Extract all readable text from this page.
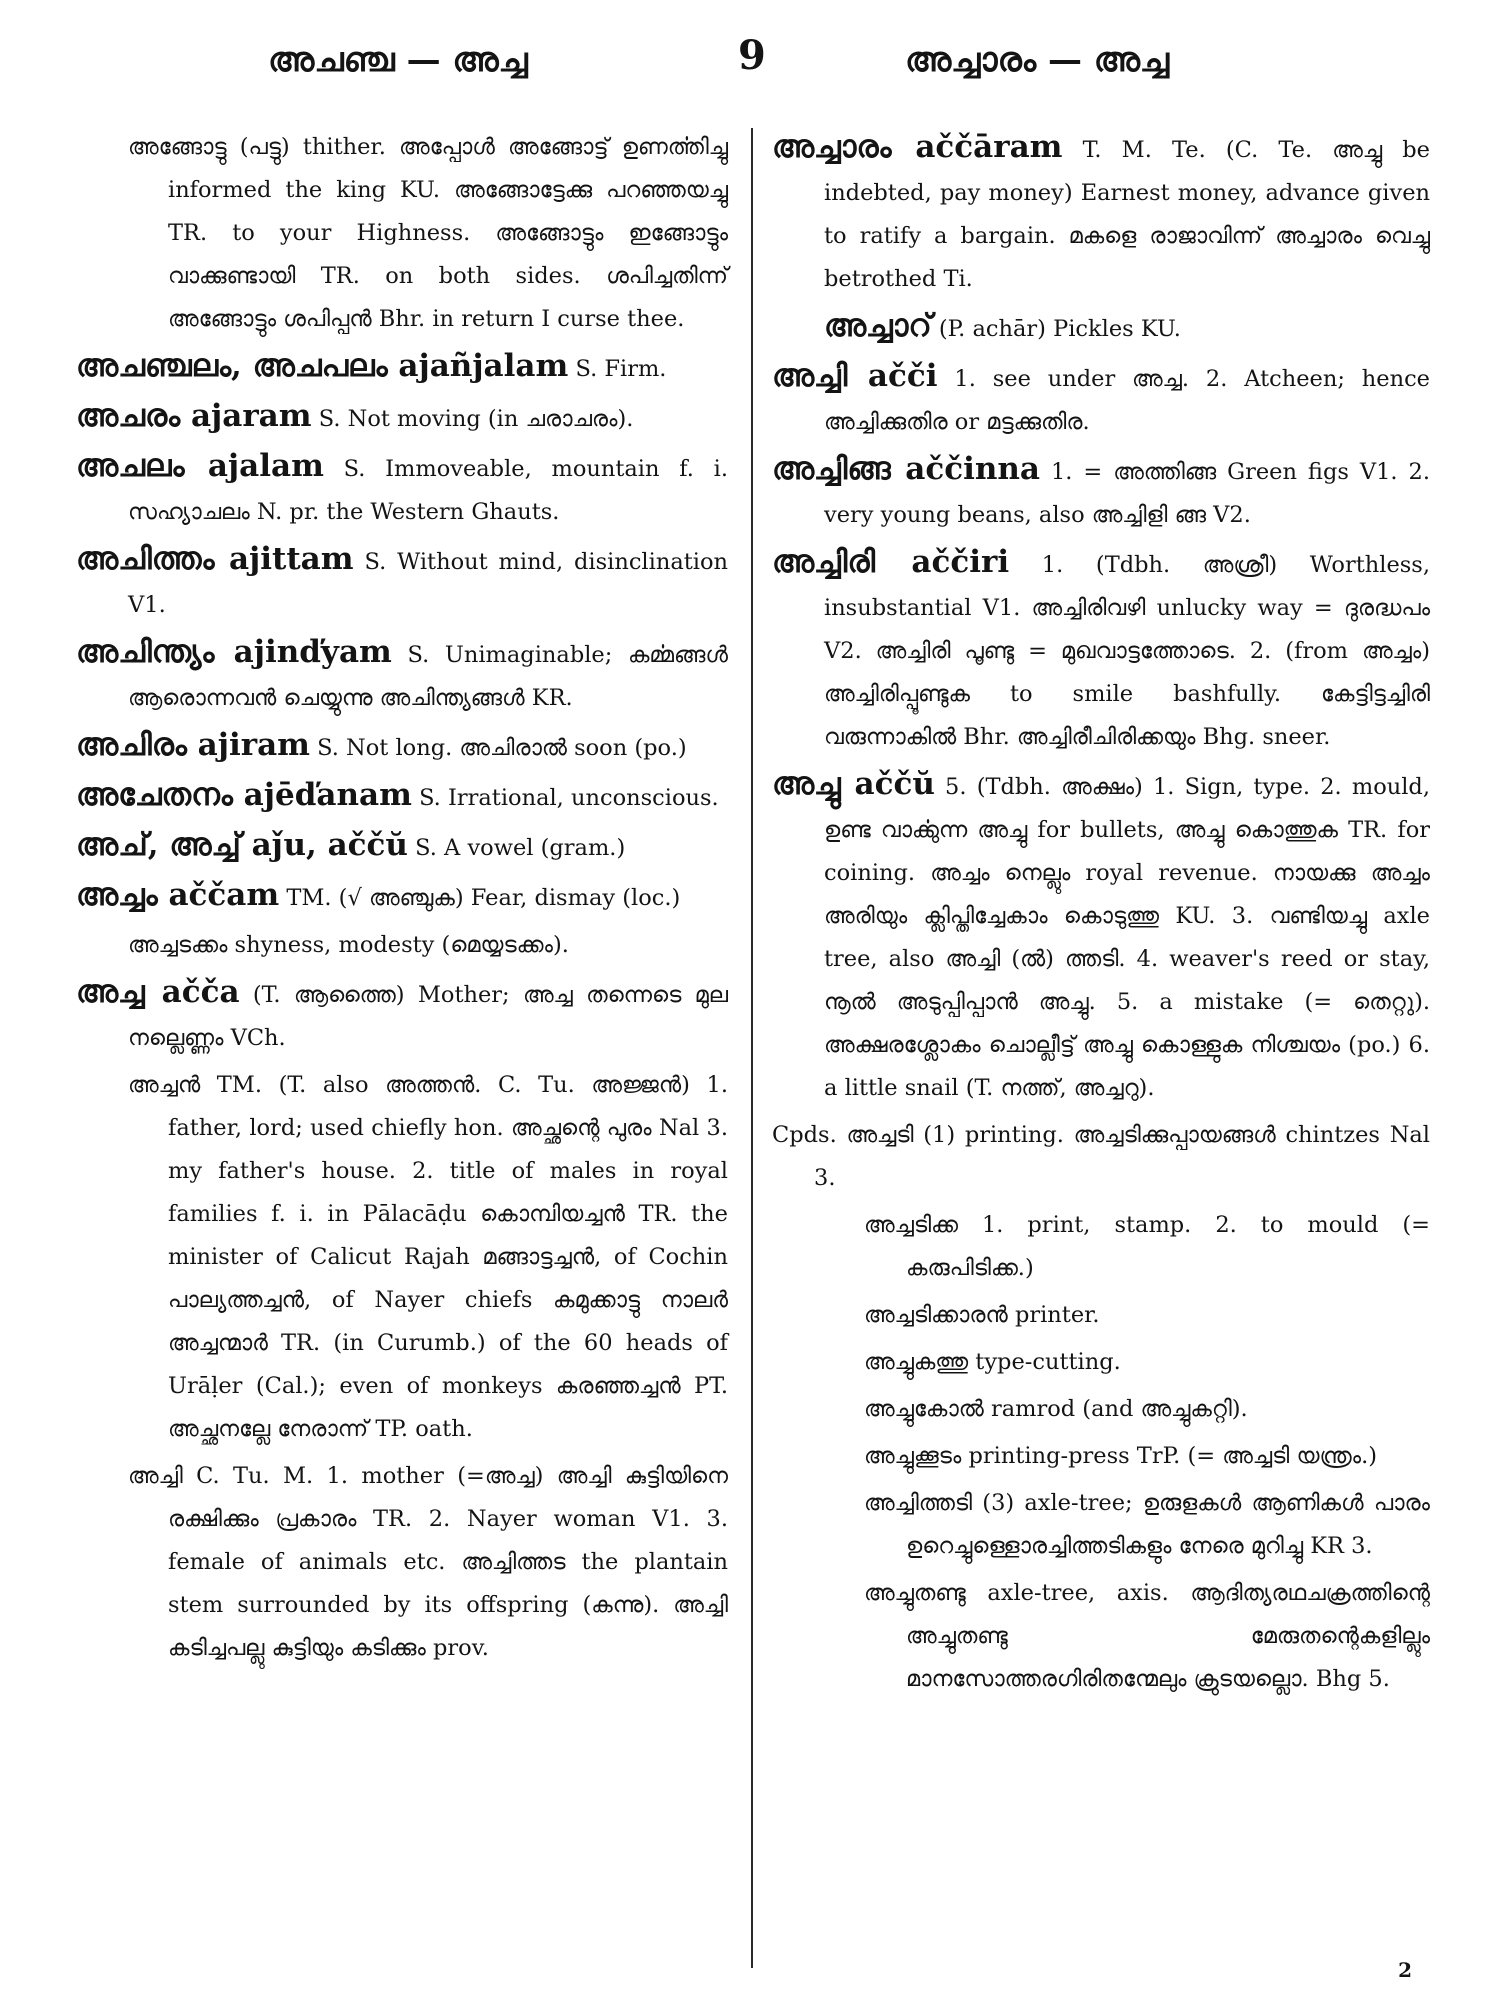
അചഞ്ച — അച്ച	9	അച്ചാരം — അച്ച

അങ്ങോട്ടു (പട്ടു) thither. അപ്പോൾ അങ്ങോട്ട് ഉണൎത്തിച്ചു informed the king KU. അങ്ങോട്ടേക്കു പറഞ്ഞയച്ചു TR. to your Highness. അങ്ങോട്ടും ഇങ്ങോട്ടും വാക്കുണ്ടായി TR. on both sides. ശപിച്ചതിന്ന് അങ്ങോട്ടും ശപിപ്പൻ Bhr. in return I curse thee.

അചഞ്ചലം, അചപലം ajañjalam S. Firm.

അചരം ajaram S. Not moving (in ചരാചരം).

അചലം ajalam S. Immoveable, mountain f. i. സഹ്യാചലം N. pr. the Western Ghauts.

അചിത്തം ajittam S. Without mind, disinclination V1.

അചിന്ത്യം ajinďyam S. Unimaginable; കൎമ്മങ്ങൾ ആരൊന്നവൻ ചെയ്യുന്നു അചിന്ത്യങ്ങൾ KR.

അചിരം ajiram S. Not long. അചിരാൽ soon (po.)

അചേതനം ajēďanam S. Irrational, unconscious.

അച്, അച്ച് aǰu, aččŭ S. A vowel (gram.)

അച്ചം aččam TM. (√ അഞ്ചുക) Fear, dismay (loc.)

അച്ചടക്കം shyness, modesty (മെയ്യടക്കം).

അച്ച ačča (T. ആത്തൈ) Mother; അച്ച തന്നെടെ മുല നല്ലെണ്ണം VCh.

അച്ചൻ TM. (T. also അത്തൻ. C. Tu. അജ്ജൻ) 1. father, lord; used chiefly hon. അച്ഛന്റെ പുരം Nal 3. my father's house. 2. title of males in royal families f. i. in Pālacāḍu കൊമ്പിയച്ചൻ TR. the minister of Calicut Rajah മങ്ങാട്ടച്ചൻ, of Cochin പാല്യത്തച്ചൻ, of Nayer chiefs കമുക്കാട്ടു നാലർ അച്ചന്മാർ TR. (in Curumb.) of the 60 heads of Urāḷer (Cal.); even of monkeys കരഞ്ഞച്ചൻ PT. അച്ഛനല്ലേ നേരാന്ന് TP. oath.

അച്ചി C. Tu. M. 1. mother (=അച്ച) അച്ചി കുട്ടിയിനെ രക്ഷിക്കും പ്രകാരം TR. 2. Nayer woman V1. 3. female of animals etc. അച്ചിത്തട the plantain stem surrounded by its offspring (കന്നു). അച്ചി കടിച്ചപല്ലു കുട്ടിയും കടിക്കും prov.

അച്ചാരം aččāram T. M. Te. (C. Te. അച്ചു be indebted, pay money) Earnest money, advance given to ratify a bargain. മകളെ രാജാവിന്ന് അച്ചാരം വെച്ചു betrothed Ti.

അച്ചാറ് (P. achār) Pickles KU.

അച്ചി ačči 1. see under അച്ച. 2. Atcheen; hence അച്ചിക്കുതിര or മട്ടക്കുതിര.

അച്ചിങ്ങ aččinna 1. = അത്തിങ്ങ Green figs V1. 2. very young beans, also അച്ചിളി ങ്ങ V2.

അച്ചിരി aččiri 1. (Tdbh. അശ്രീ) Worthless, insubstantial V1. അച്ചിരിവഴി unlucky way = ദുരദ്ധപം V2. അച്ചിരി പൂണ്ടു = മുഖവാട്ടത്തോടെ. 2. (from അച്ചം) അച്ചിരിപ്പൂണ്ടുക to smile bashfully. കേട്ടിട്ടച്ചിരി വരുന്നാകിൽ Bhr. അച്ചിരീചിരിക്കയും Bhg. sneer.

അച്ചു aččŭ 5. (Tdbh. അക്ഷം) 1. Sign, type. 2. mould, ഉണ്ട വാൎക്കുന്ന അച്ചു for bullets, അച്ചു കൊത്തുക TR. for coining. അച്ചം നെല്ലും royal revenue. നായക്കു അച്ചം അരിയും ക്ലിപ്തിച്ചേകാം കൊടുത്തു KU. 3. വണ്ടിയച്ചു axle tree, also അച്ചി (ൽ) ത്തടി. 4. weaver's reed or stay, നൂൽ അടുപ്പിപ്പാൻ അച്ചു. 5. a mistake (= തെറ്റു). അക്ഷരശ്ലോകം ചൊല്ലീട്ട് അച്ചു കൊള്ളുക നിശ്ചയം (po.) 6. a little snail (T. നത്ത്, അച്ചറു).

Cpds. അച്ചടി (1) printing. അച്ചടിക്കുപ്പായങ്ങൾ chintzes Nal 3.

അച്ചടിക്ക 1. print, stamp. 2. to mould (= കരുപിടിക്ക.)

അച്ചടിക്കാരൻ printer.

അച്ചുകത്തു type-cutting.

അച്ചുകോൽ ramrod (and അച്ചുകറ്റി).

അച്ചുക്കൂടം printing-press TrP. (= അച്ചടി യന്ത്രം.)

അച്ചിത്തടി (3) axle-tree; ഉരുളകൾ ആണികൾ പാരം ഉറെച്ചുള്ളൊരച്ചിത്തടികളും നേരെ മുറിച്ചു KR 3.

അച്ചുതണ്ടു axle-tree, axis. ആദിത്യരഥചക്രത്തിന്റെ അച്ചുതണ്ടു മേരുതന്റെകളില്ലും മാനസോത്തരഗിരിതന്മേലും ക്രുടയല്ലൊ. Bhg 5.

2
